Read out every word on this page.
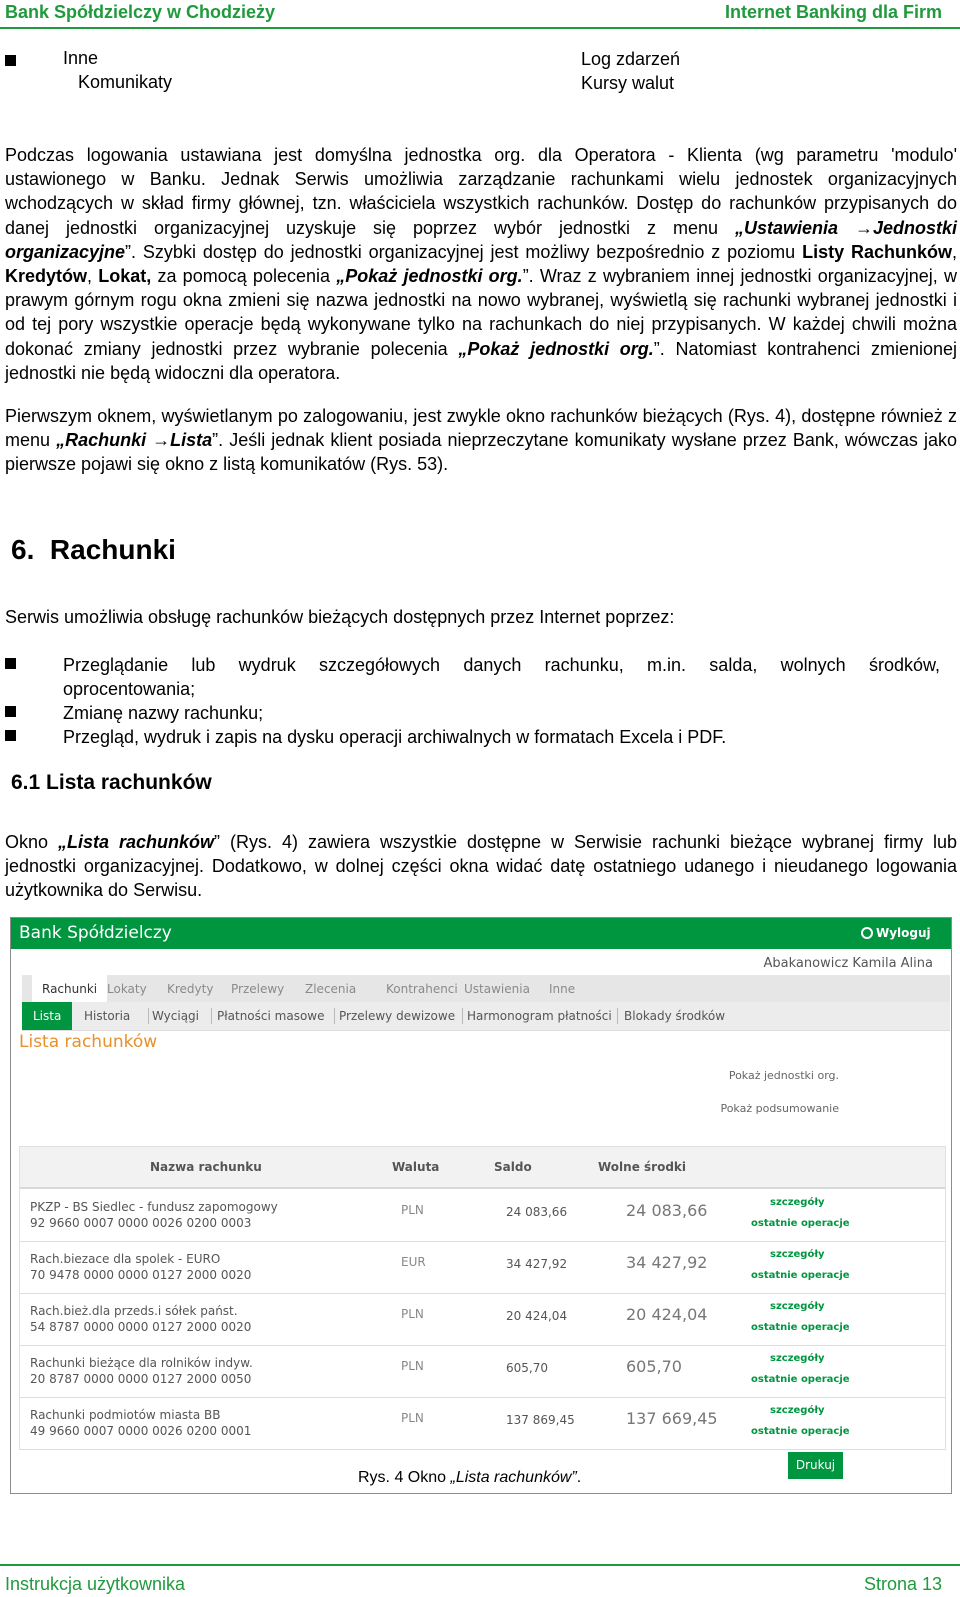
Bank Spółdzielczy w Chodzieży	Internet Banking dla Firm
Inne
Komunikaty
Log zdarzeń
Kursy walut
Podczas logowania ustawiana jest domyślna jednostka org. dla Operatora - Klienta (wg parametru 'modulo' ustawionego w Banku. Jednak Serwis umożliwia zarządzanie rachunkami wielu jednostek organizacyjnych wchodzących w skład firmy głównej, tzn. właściciela wszystkich rachunków. Dostęp do rachunków przypisanych do danej jednostki organizacyjnej uzyskuje się poprzez wybór jednostki z menu „Ustawienia →Jednostki organizacyjne”. Szybki dostęp do jednostki organizacyjnej jest możliwy bezpośrednio z poziomu Listy Rachunków, Kredytów, Lokat, za pomocą polecenia „Pokaż jednostki org.”. Wraz z wybraniem innej jednostki organizacyjnej, w prawym górnym rogu okna zmieni się nazwa jednostki na nowo wybranej, wyświetlą się rachunki wybranej jednostki i od tej pory wszystkie operacje będą wykonywane tylko na rachunkach do niej przypisanych. W każdej chwili można dokonać zmiany jednostki przez wybranie polecenia „Pokaż jednostki org.”. Natomiast kontrahenci zmienionej jednostki nie będą widoczni dla operatora.
Pierwszym oknem, wyświetlanym po zalogowaniu, jest zwykle okno rachunków bieżących (Rys. 4), dostępne również z menu „Rachunki →Lista”. Jeśli jednak klient posiada nieprzeczytane komunikaty wysłane przez Bank, wówczas jako pierwsze pojawi się okno z listą komunikatów (Rys. 53).
6. Rachunki
Serwis umożliwia obsługę rachunków bieżących dostępnych przez Internet poprzez:
Przeglądanie lub wydruk szczegółowych danych rachunku, m.in. salda, wolnych środków,
oprocentowania;
Zmianę nazwy rachunku;
Przegląd, wydruk i zapis na dysku operacji archiwalnych w formatach Excela i PDF.
6.1 Lista rachunków
Okno „Lista rachunków” (Rys. 4) zawiera wszystkie dostępne w Serwisie rachunki bieżące wybranej firmy lub jednostki organizacyjnej. Dodatkowo, w dolnej części okna widać datę ostatniego udanego i nieudanego logowania użytkownika do Serwisu.
Bank Spółdzielczy	Wyloguj
Abakanowicz Kamila Alina
Rachunki Lokaty Kredyty Przelewy Zlecenia Kontrahenci Ustawienia Inne
Lista	Historia Wyciągi Płatności masowe Przelewy dewizowe Harmonogram płatności Blokady środków
Lista rachunków
Pokaż jednostki org.
Pokaż podsumowanie
Nazwa rachunku	Waluta	Saldo	Wolne środki
PKZP - BS Siedlec - fundusz zapomogowy
92 9660 0007 0000 0026 0200 0003
PLN	24 083,66	24 083,66	szczegóły
ostatnie operacje
Rach.biezace dla spolek - EURO
70 9478 0000 0000 0127 2000 0020
EUR	34 427,92	34 427,92	szczegóły
ostatnie operacje
Rach.bież.dla przeds.i sółek państ.
54 8787 0000 0000 0127 2000 0020
PLN	20 424,04	20 424,04	szczegóły
ostatnie operacje
Rachunki bieżące dla rolników indyw.
20 8787 0000 0000 0127 2000 0050
PLN	605,70	605,70	szczegóły
ostatnie operacje
Rachunki podmiotów miasta BB
49 9660 0007 0000 0026 0200 0001
PLN	137 869,45	137 669,45	szczegóły
ostatnie operacje
Drukuj
Rys. 4 Okno „Lista rachunków”.
Instrukcja użytkownika	Strona 13
